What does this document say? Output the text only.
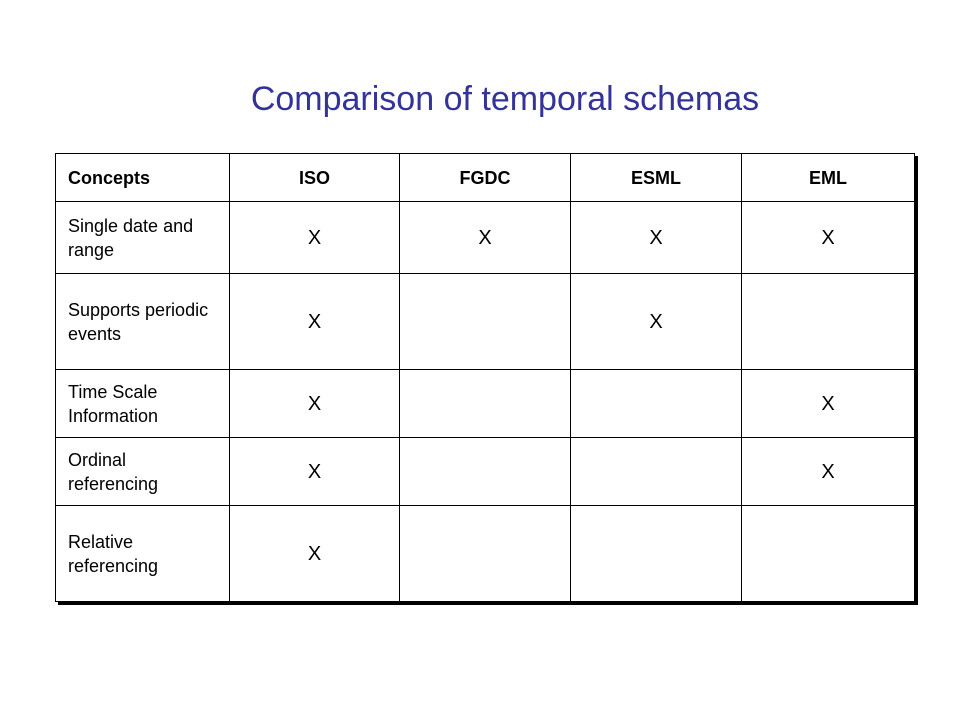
Comparison of temporal schemas
Concepts	ISO	FGDC	ESML	EML
Single date and range	X	X	X	X
Supports periodic events	X		X	
Time Scale Information	X			X
Ordinal referencing	X			X
Relative referencing	X			
